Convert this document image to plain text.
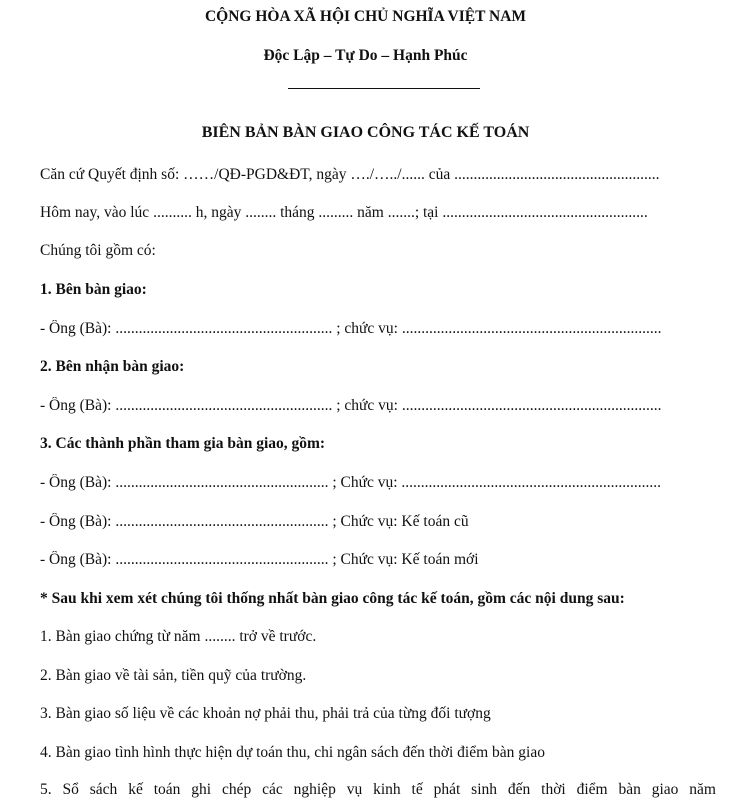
CỘNG HÒA XÃ HỘI CHỦ NGHĨA VIỆT NAM
Độc Lập – Tự Do – Hạnh Phúc
BIÊN BẢN BÀN GIAO CÔNG TÁC KẾ TOÁN
Căn cứ Quyết định số: ……/QĐ-PGD&ĐT, ngày …./…../...... của .....................................................
Hôm nay, vào lúc .......... h, ngày ........ tháng ......... năm .......; tại .....................................................
Chúng tôi gồm có:
1. Bên bàn giao:
- Ông (Bà): ........................................................ ; chức vụ: ...................................................................
2. Bên nhận bàn giao:
- Ông (Bà): ........................................................ ; chức vụ: ...................................................................
3. Các thành phần tham gia bàn giao, gồm:
- Ông (Bà): ....................................................... ; Chức vụ: ...................................................................
- Ông (Bà): ....................................................... ; Chức vụ: Kế toán cũ
- Ông (Bà): ....................................................... ; Chức vụ: Kế toán mới
* Sau khi xem xét chúng tôi thống nhất bàn giao công tác kế toán, gồm các nội dung sau:
1. Bàn giao chứng từ năm ........ trở về trước.
2. Bàn giao về tài sản, tiền quỹ của trường.
3. Bàn giao số liệu về các khoản nợ phải thu, phải trả của từng đối tượng
4. Bàn giao tình hình thực hiện dự toán thu, chi ngân sách đến thời điểm bàn giao
5. Sổ sách kế toán ghi chép các nghiệp vụ kinh tế phát sinh đến thời điểm bàn giao năm
